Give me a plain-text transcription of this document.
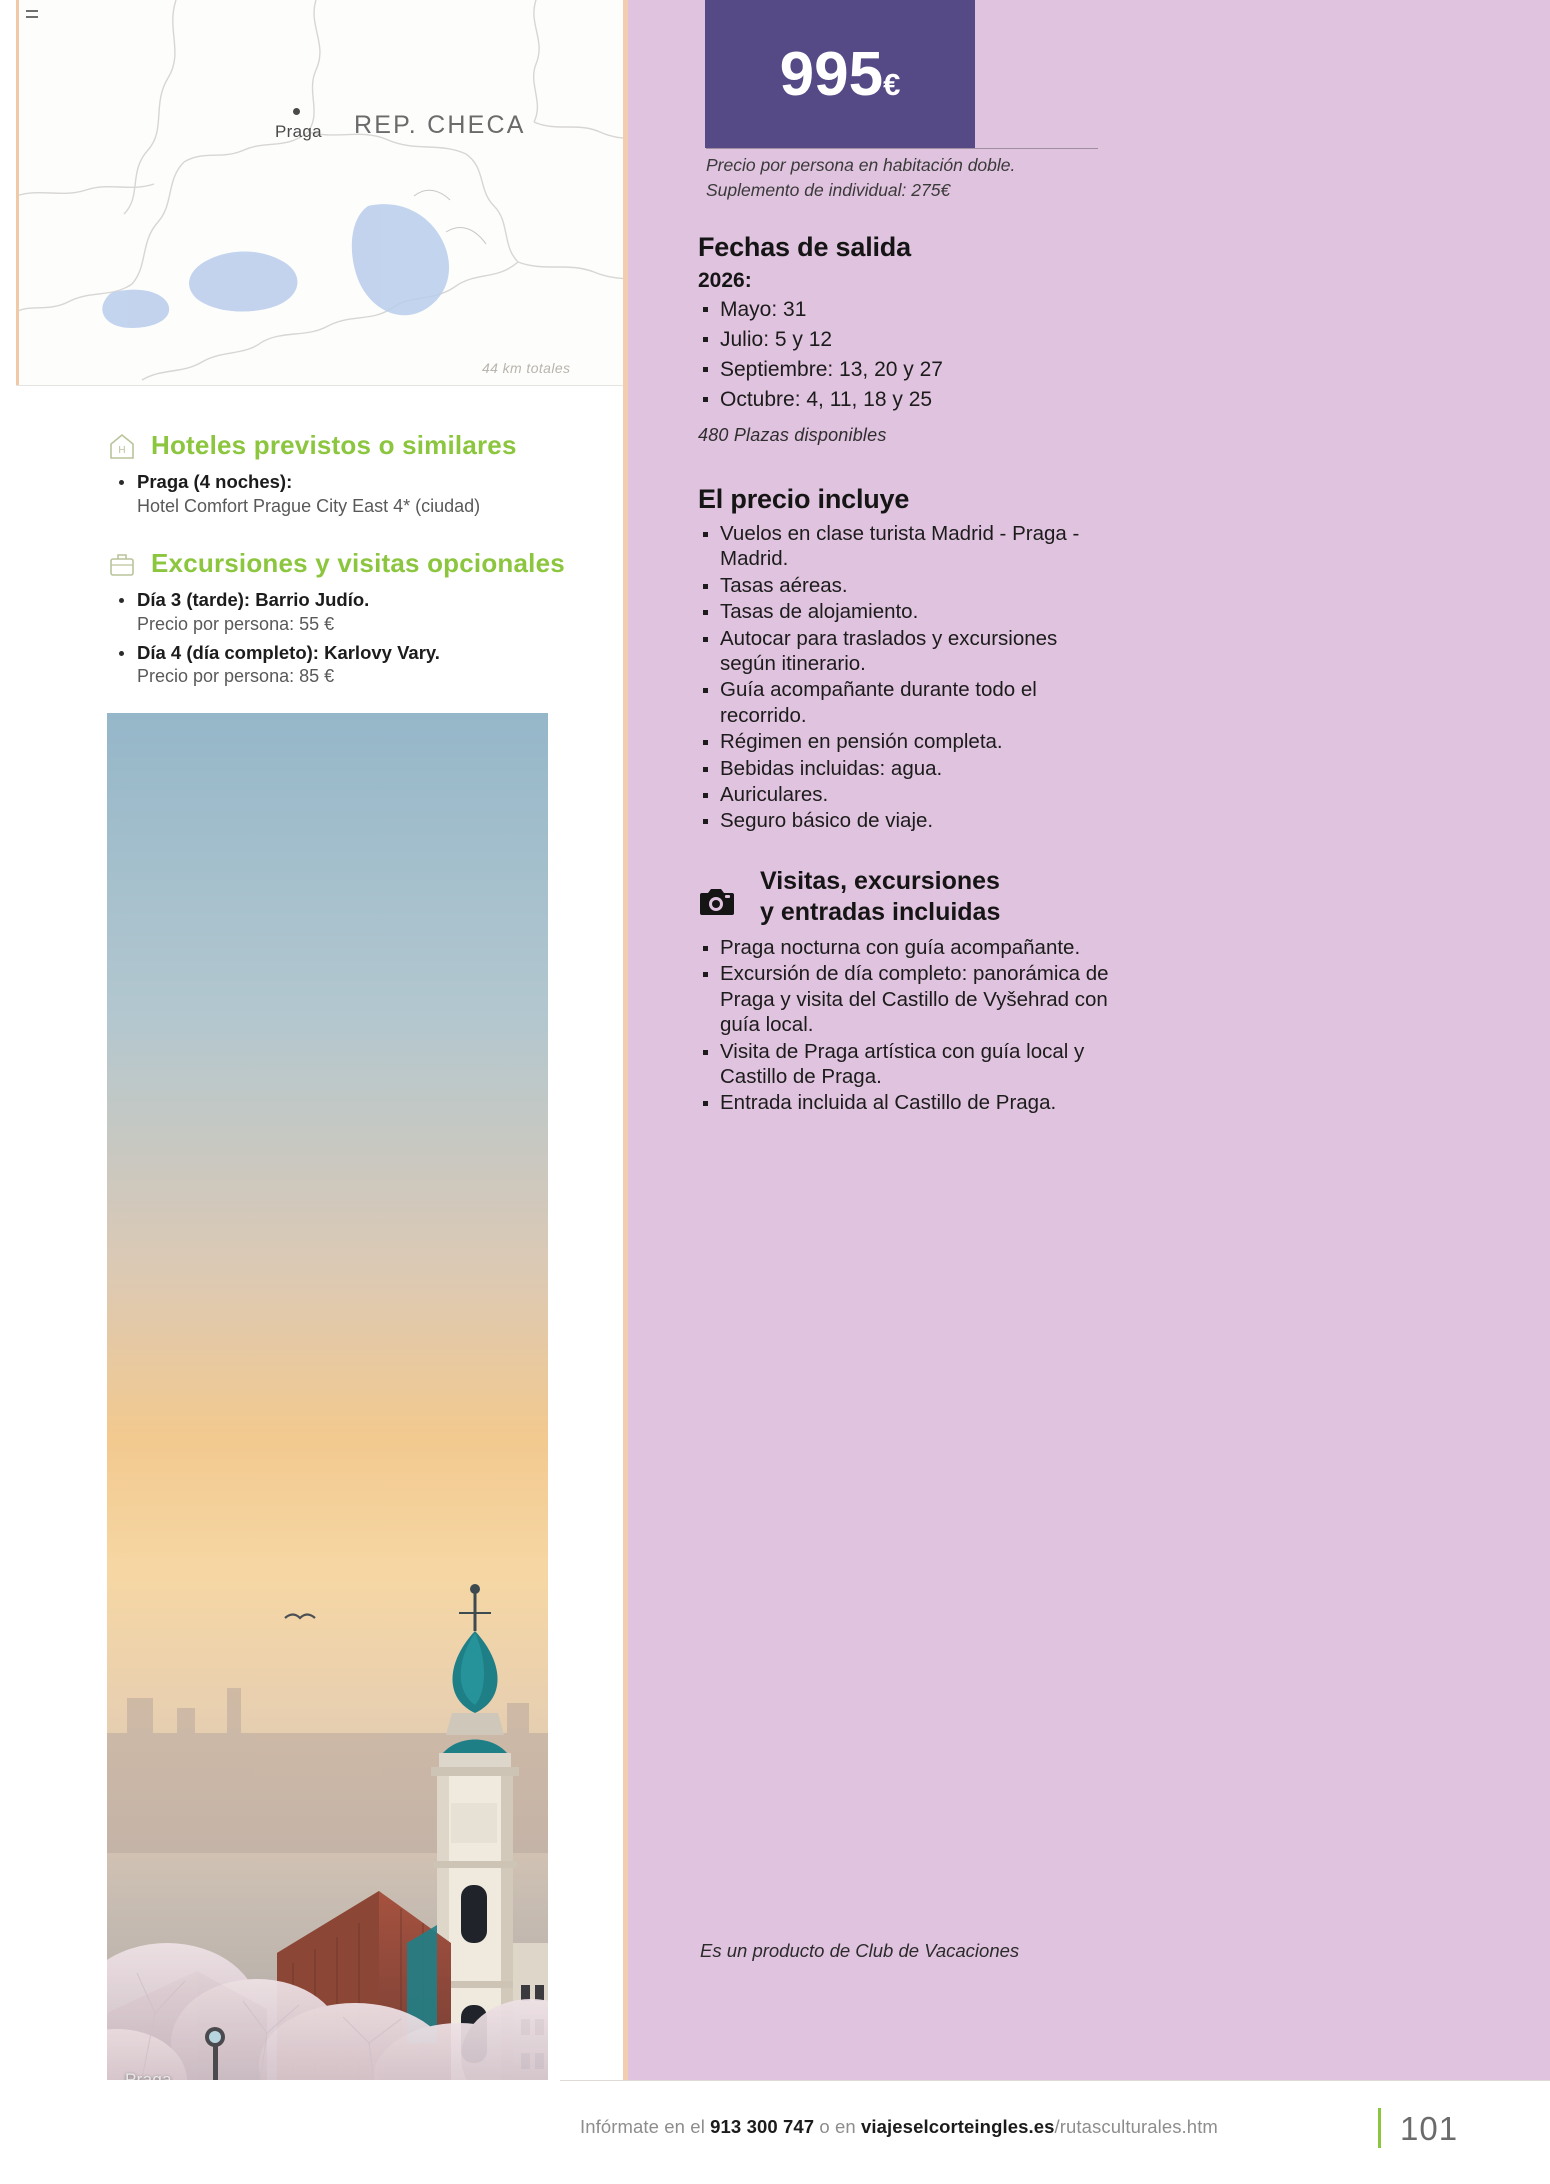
Praga REP. CHECA
44 km totales
H Hoteles previstos o similares
Praga (4 noches):
Hotel Comfort Prague City East 4* (ciudad)
Excursiones y visitas opcionales
Día 3 (tarde): Barrio Judío.
Precio por persona: 55 €
Día 4 (día completo): Karlovy Vary.
Precio por persona: 85 €
995€
Precio por persona en habitación doble.
Suplemento de individual: 275€
Fechas de salida
2026:
Mayo: 31
Julio: 5 y 12
Septiembre: 13, 20 y 27
Octubre: 4, 11, 18 y 25
480 Plazas disponibles
El precio incluye
Vuelos en clase turista Madrid - Praga - Madrid.
Tasas aéreas.
Tasas de alojamiento.
Autocar para traslados y excursiones según itinerario.
Guía acompañante durante todo el recorrido.
Régimen en pensión completa.
Bebidas incluidas: agua.
Auriculares.
Seguro básico de viaje.
Visitas, excursiones
y entradas incluidas
Praga nocturna con guía acompañante.
Excursión de día completo: panorámica de Praga y visita del Castillo de Vyšehrad con guía local.
Visita de Praga artística con guía local y Castillo de Praga.
Entrada incluida al Castillo de Praga.
Es un producto de Club de Vacaciones
Infórmate en el 913 300 747 o en viajeselcorteingles.es/rutasculturales.htm	101
